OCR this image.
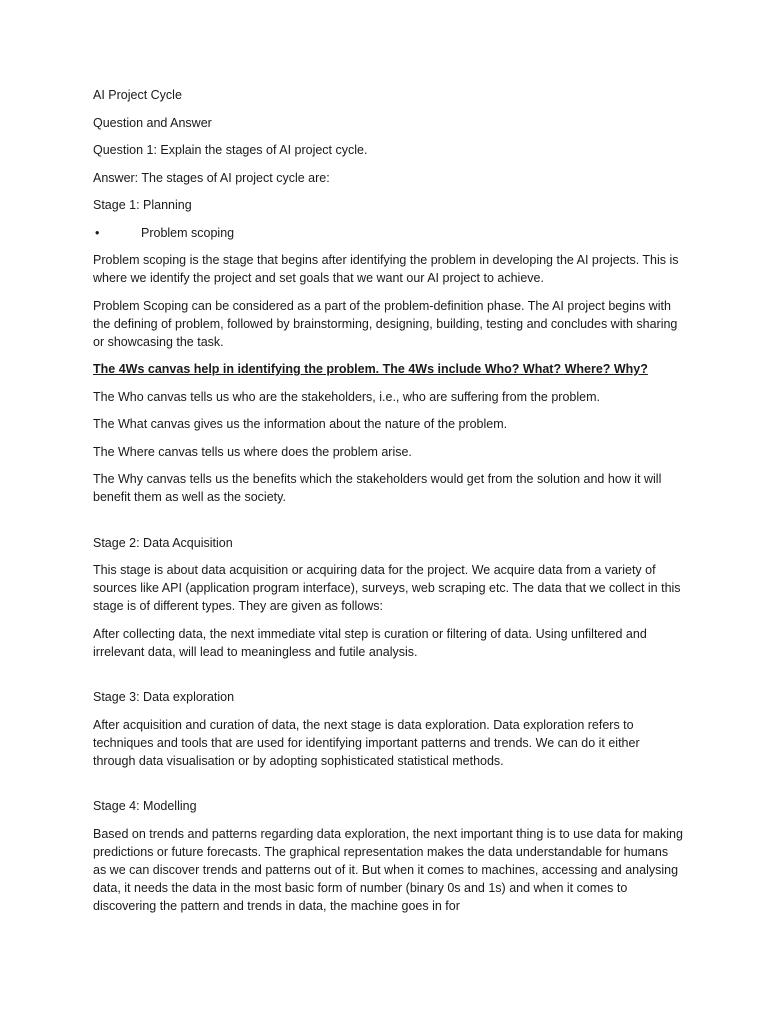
AI Project Cycle

Question and Answer

Question 1: Explain the stages of AI project cycle.

Answer: The stages of AI project cycle are:

Stage 1: Planning

•	Problem scoping

Problem scoping is the stage that begins after identifying the problem in developing the AI projects. This is where we identify the project and set goals that we want our AI project to achieve.

Problem Scoping can be considered as a part of the problem-definition phase. The AI project begins with the defining of problem, followed by brainstorming, designing, building, testing and concludes with sharing or showcasing the task.

The 4Ws canvas help in identifying the problem. The 4Ws include Who? What? Where? Why?

The Who canvas tells us who are the stakeholders, i.e., who are suffering from the problem.

The What canvas gives us the information about the nature of the problem.

The Where canvas tells us where does the problem arise.

The Why canvas tells us the benefits which the stakeholders would get from the solution and how it will benefit them as well as the society.

Stage 2: Data Acquisition

This stage is about data acquisition or acquiring data for the project. We acquire data from a variety of sources like API (application program interface), surveys, web scraping etc. The data that we collect in this stage is of different types. They are given as follows:

After collecting data, the next immediate vital step is curation or filtering of data. Using unfiltered and irrelevant data, will lead to meaningless and futile analysis.

Stage 3: Data exploration

After acquisition and curation of data, the next stage is data exploration. Data exploration refers to techniques and tools that are used for identifying important patterns and trends. We can do it either through data visualisation or by adopting sophisticated statistical methods.

Stage 4: Modelling

Based on trends and patterns regarding data exploration, the next important thing is to use data for making predictions or future forecasts. The graphical representation makes the data understandable for humans as we can discover trends and patterns out of it. But when it comes to machines, accessing and analysing data, it needs the data in the most basic form of number (binary 0s and 1s) and when it comes to discovering the pattern and trends in data, the machine goes in for
